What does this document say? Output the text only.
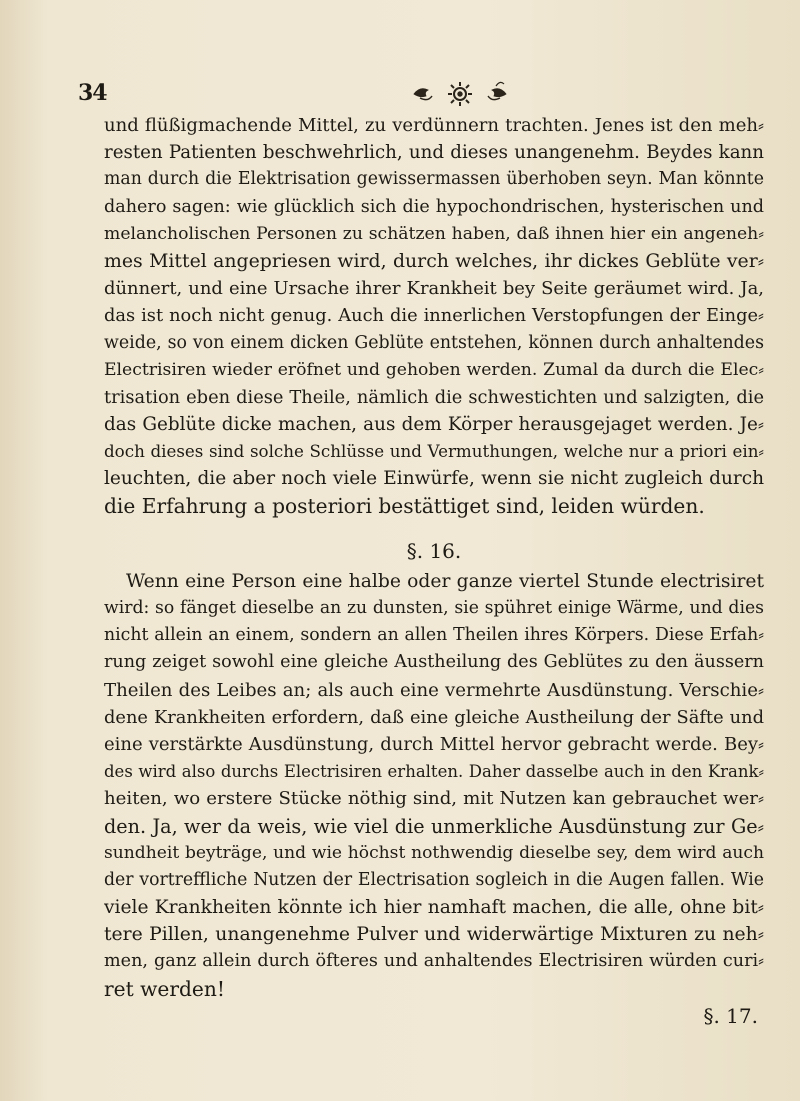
34
und flüßigmachende Mittel, zu verdünnern trachten. Jenes ist den meh⸗
resten Patienten beschwehrlich, und dieses unangenehm. Beydes kann
man durch die Elektrisation gewissermassen überhoben seyn. Man könnte
dahero sagen: wie glücklich sich die hypochondrischen, hysterischen und
melancholischen Personen zu schätzen haben, daß ihnen hier ein angeneh⸗
mes Mittel angepriesen wird, durch welches, ihr dickes Geblüte ver⸗
dünnert, und eine Ursache ihrer Krankheit bey Seite geräumet wird. Ja,
das ist noch nicht genug. Auch die innerlichen Verstopfungen der Einge⸗
weide, so von einem dicken Geblüte entstehen, können durch anhaltendes
Electrisiren wieder eröfnet und gehoben werden. Zumal da durch die Elec⸗
trisation eben diese Theile, nämlich die schwestichten und salzigten, die
das Geblüte dicke machen, aus dem Körper herausgejaget werden. Je⸗
doch dieses sind solche Schlüsse und Vermuthungen, welche nur a priori ein⸗
leuchten, die aber noch viele Einwürfe, wenn sie nicht zugleich durch
die Erfahrung a posteriori bestättiget sind, leiden würden.
§. 16.
Wenn eine Person eine halbe oder ganze viertel Stunde electrisiret
wird: so fänget dieselbe an zu dunsten, sie spühret einige Wärme, und dies
nicht allein an einem, sondern an allen Theilen ihres Körpers. Diese Erfah⸗
rung zeiget sowohl eine gleiche Austheilung des Geblütes zu den äussern
Theilen des Leibes an; als auch eine vermehrte Ausdünstung. Verschie⸗
dene Krankheiten erfordern, daß eine gleiche Austheilung der Säfte und
eine verstärkte Ausdünstung, durch Mittel hervor gebracht werde. Bey⸗
des wird also durchs Electrisiren erhalten. Daher dasselbe auch in den Krank⸗
heiten, wo erstere Stücke nöthig sind, mit Nutzen kan gebrauchet wer⸗
den. Ja, wer da weis, wie viel die unmerkliche Ausdünstung zur Ge⸗
sundheit beyträge, und wie höchst nothwendig dieselbe sey, dem wird auch
der vortreffliche Nutzen der Electrisation sogleich in die Augen fallen. Wie
viele Krankheiten könnte ich hier namhaft machen, die alle, ohne bit⸗
tere Pillen, unangenehme Pulver und widerwärtige Mixturen zu neh⸗
men, ganz allein durch öfteres und anhaltendes Electrisiren würden curi⸗
ret werden!
§. 17.
